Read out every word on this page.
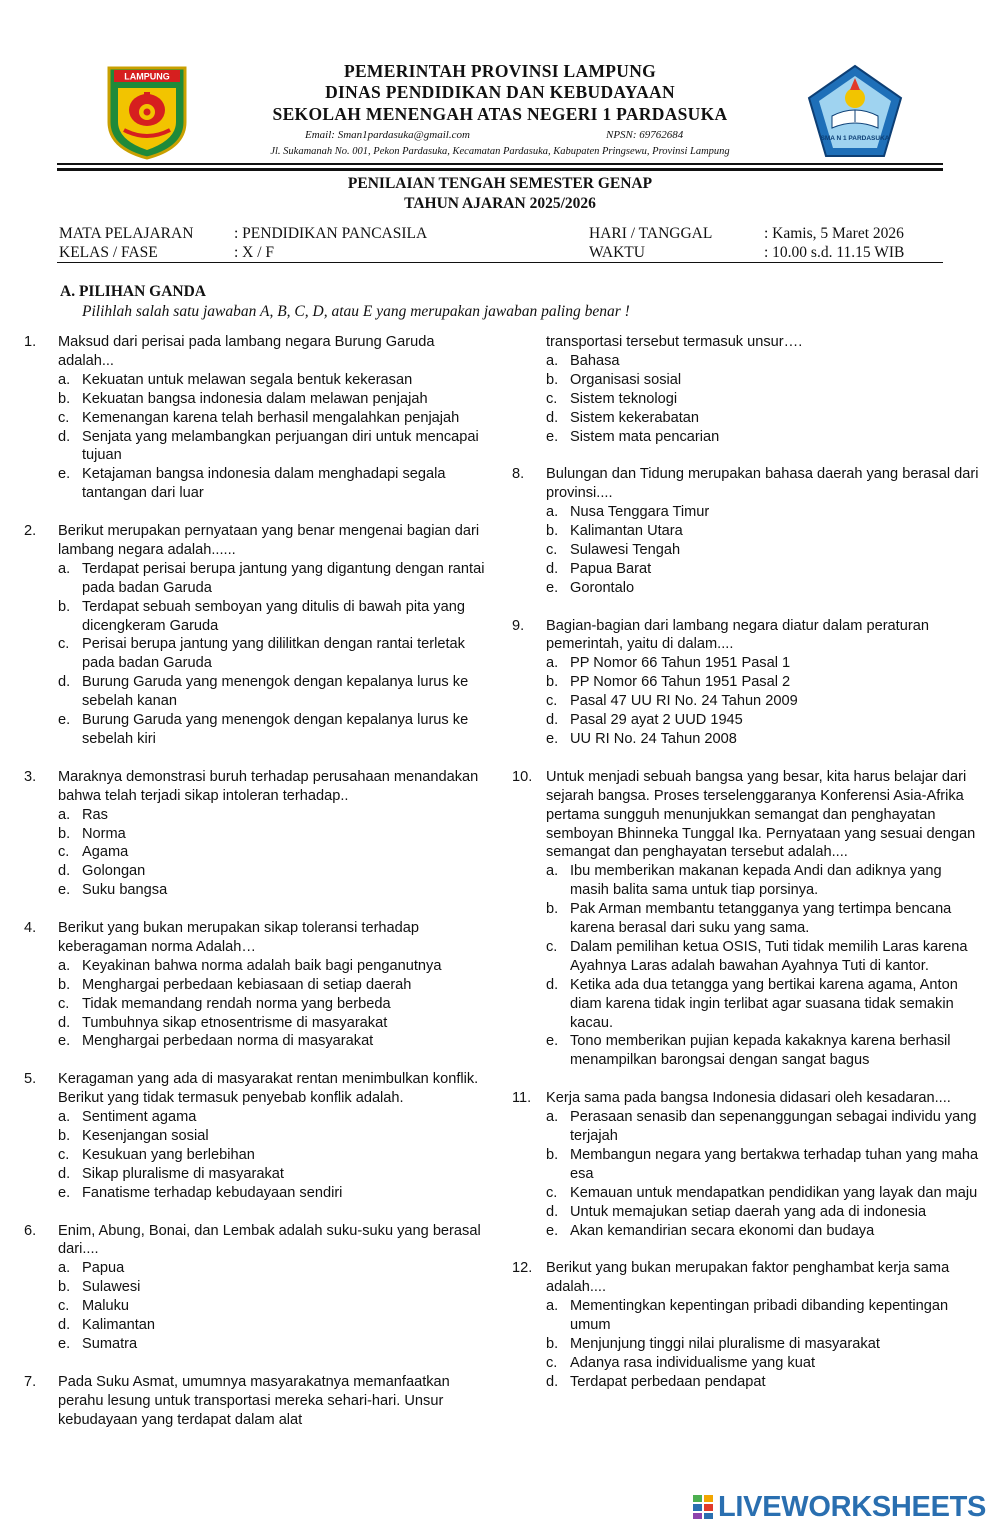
LAMPUNG	PEMERINTAH PROVINSI LAMPUNG
DINAS PENDIDIKAN DAN KEBUDAYAAN
SEKOLAH MENENGAH ATAS NEGERI 1 PARDASUKA
Email: Sman1pardasuka@gmail.com	NPSN: 69762684
Jl. Sukamanah No. 001, Pekon Pardasuka, Kecamatan Pardasuka, Kabupaten Pringsewu, Provinsi Lampung
SMA N 1 PARDASUKA
PENILAIAN TENGAH SEMESTER GENAP
TAHUN AJARAN 2025/2026
MATA PELAJARAN	: PENDIDIKAN PANCASILA	HARI / TANGGAL	: Kamis, 5 Maret 2026
KELAS / FASE	: X / F	WAKTU	: 10.00 s.d. 11.15 WIB
A. PILIHAN GANDA
Pilihlah salah satu jawaban A, B, C, D, atau E yang merupakan jawaban paling benar !
1. Maksud dari perisai pada lambang negara Burung Garuda adalah...
a. Kekuatan untuk melawan segala bentuk kekerasan
b. Kekuatan bangsa indonesia dalam melawan penjajah
c. Kemenangan karena telah berhasil mengalahkan penjajah
d. Senjata yang melambangkan perjuangan diri untuk mencapai tujuan
e. Ketajaman bangsa indonesia dalam menghadapi segala tantangan dari luar
2. Berikut merupakan pernyataan yang benar mengenai bagian dari lambang negara adalah......
a. Terdapat perisai berupa jantung yang digantung dengan rantai pada badan Garuda
b. Terdapat sebuah semboyan yang ditulis di bawah pita yang dicengkeram Garuda
c. Perisai berupa jantung yang dililitkan dengan rantai terletak pada badan Garuda
d. Burung Garuda yang menengok dengan kepalanya lurus ke sebelah kanan
e. Burung Garuda yang menengok dengan kepalanya lurus ke sebelah kiri
3. Maraknya demonstrasi buruh terhadap perusahaan menandakan bahwa telah terjadi sikap intoleran terhadap..
a. Ras
b. Norma
c. Agama
d. Golongan
e. Suku bangsa
4. Berikut yang bukan merupakan sikap toleransi terhadap keberagaman norma Adalah…
a. Keyakinan bahwa norma adalah baik bagi penganutnya
b. Menghargai perbedaan kebiasaan di setiap daerah
c. Tidak memandang rendah norma yang berbeda
d. Tumbuhnya sikap etnosentrisme di masyarakat
e. Menghargai perbedaan norma di masyarakat
5. Keragaman yang ada di masyarakat rentan menimbulkan konflik. Berikut yang tidak termasuk penyebab konflik adalah.
a. Sentiment agama
b. Kesenjangan sosial
c. Kesukuan yang berlebihan
d. Sikap pluralisme di masyarakat
e. Fanatisme terhadap kebudayaan sendiri
6. Enim, Abung, Bonai, dan Lembak adalah suku-suku yang berasal dari....
a. Papua
b. Sulawesi
c. Maluku
d. Kalimantan
e. Sumatra
7. Pada Suku Asmat, umumnya masyarakatnya memanfaatkan perahu lesung untuk transportasi mereka sehari-hari. Unsur kebudayaan yang terdapat dalam alat
transportasi tersebut termasuk unsur….
a. Bahasa
b. Organisasi sosial
c. Sistem teknologi
d. Sistem kekerabatan
e. Sistem mata pencarian
8. Bulungan dan Tidung merupakan bahasa daerah yang berasal dari provinsi....
a. Nusa Tenggara Timur
b. Kalimantan Utara
c. Sulawesi Tengah
d. Papua Barat
e. Gorontalo
9. Bagian-bagian dari lambang negara diatur dalam peraturan pemerintah, yaitu di dalam....
a. PP Nomor 66 Tahun 1951 Pasal 1
b. PP Nomor 66 Tahun 1951 Pasal 2
c. Pasal 47 UU RI No. 24 Tahun 2009
d. Pasal 29 ayat 2 UUD 1945
e. UU RI No. 24 Tahun 2008
10. Untuk menjadi sebuah bangsa yang besar, kita harus belajar dari sejarah bangsa. Proses terselenggaranya Konferensi Asia-Afrika pertama sungguh menunjukkan semangat dan penghayatan semboyan Bhinneka Tunggal Ika. Pernyataan yang sesuai dengan semangat dan penghayatan tersebut adalah....
a. Ibu memberikan makanan kepada Andi dan adiknya yang masih balita sama untuk tiap porsinya.
b. Pak Arman membantu tetangganya yang tertimpa bencana karena berasal dari suku yang sama.
c. Dalam pemilihan ketua OSIS, Tuti tidak memilih Laras karena Ayahnya Laras adalah bawahan Ayahnya Tuti di kantor.
d. Ketika ada dua tetangga yang bertikai karena agama, Anton diam karena tidak ingin terlibat agar suasana tidak semakin kacau.
e. Tono memberikan pujian kepada kakaknya karena berhasil menampilkan barongsai dengan sangat bagus
11. Kerja sama pada bangsa Indonesia didasari oleh kesadaran....
a. Perasaan senasib dan sepenanggungan sebagai individu yang terjajah
b. Membangun negara yang bertakwa terhadap tuhan yang maha esa
c. Kemauan untuk mendapatkan pendidikan yang layak dan maju
d. Untuk memajukan setiap daerah yang ada di indonesia
e. Akan kemandirian secara ekonomi dan budaya
12. Berikut yang bukan merupakan faktor penghambat kerja sama adalah....
a. Mementingkan kepentingan pribadi dibanding kepentingan umum
b. Menjunjung tinggi nilai pluralisme di masyarakat
c. Adanya rasa individualisme yang kuat
d. Terdapat perbedaan pendapat
LIVEWORKSHEETS
